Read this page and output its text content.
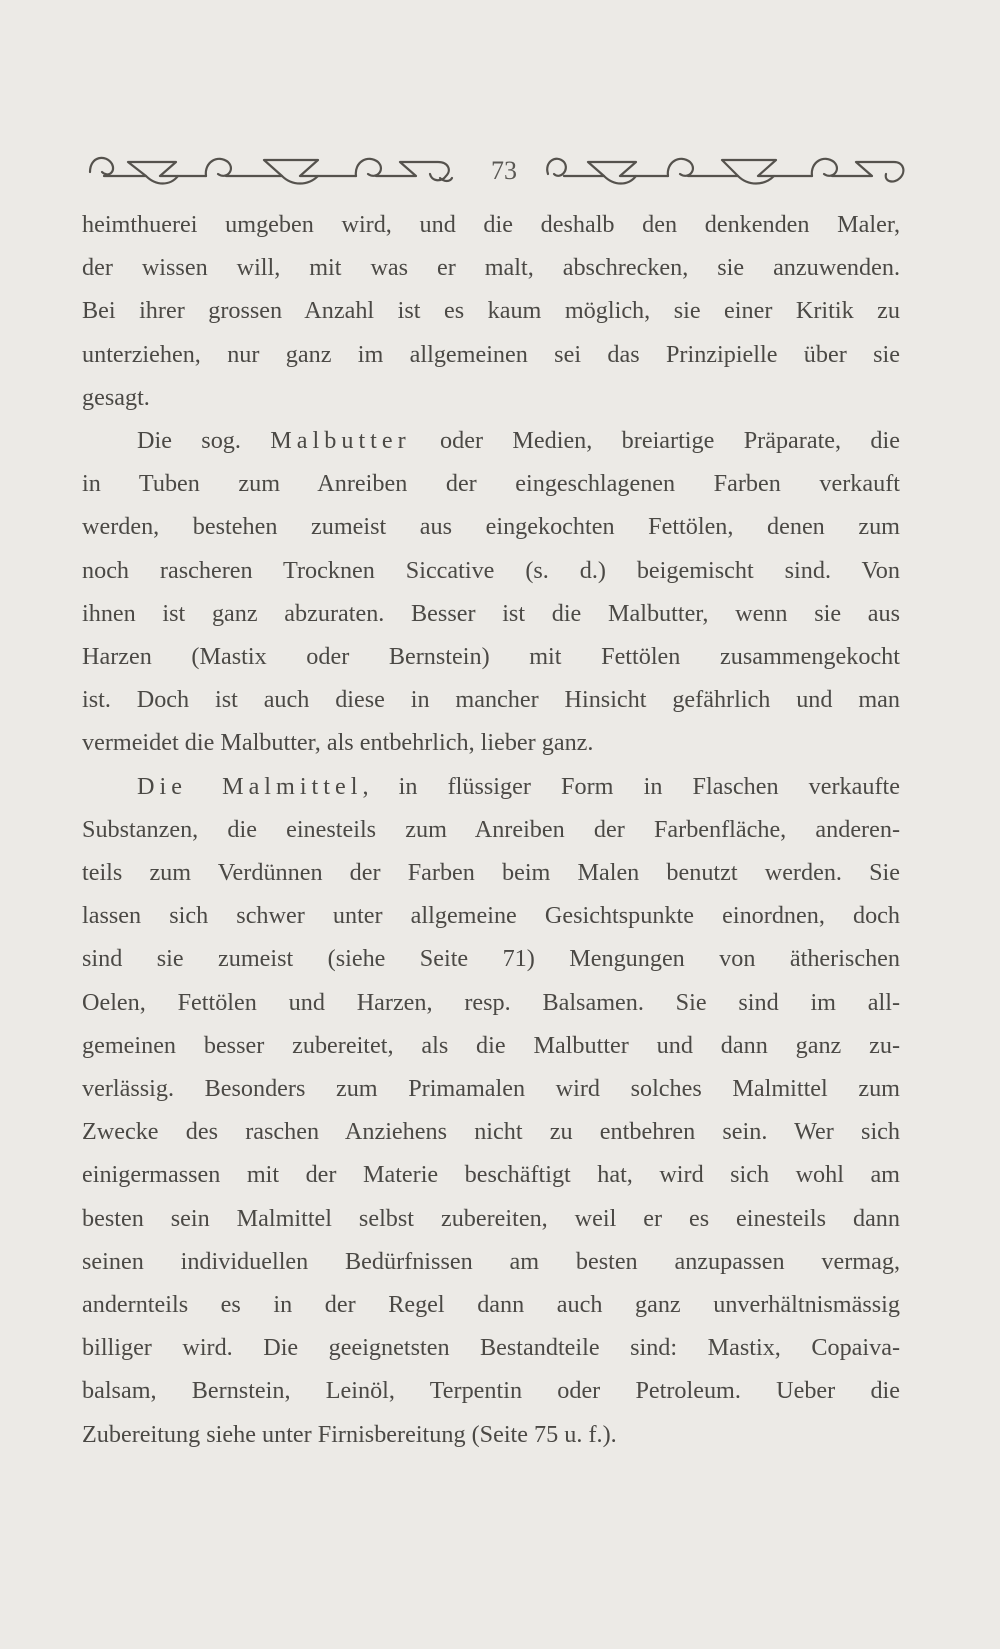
73

heimthuerei umgeben wird, und die deshalb den denkenden Maler,
der wissen will, mit was er malt, abschrecken, sie anzuwenden.
Bei ihrer grossen Anzahl ist es kaum möglich, sie einer Kritik zu
unterziehen, nur ganz im allgemeinen sei das Prinzipielle über sie
gesagt.

Die sog. Malbutter oder Medien, breiartige Präparate, die
in Tuben zum Anreiben der eingeschlagenen Farben verkauft
werden, bestehen zumeist aus eingekochten Fettölen, denen zum
noch rascheren Trocknen Siccative (s. d.) beigemischt sind. Von
ihnen ist ganz abzuraten. Besser ist die Malbutter, wenn sie aus
Harzen (Mastix oder Bernstein) mit Fettölen zusammengekocht
ist. Doch ist auch diese in mancher Hinsicht gefährlich und man
vermeidet die Malbutter, als entbehrlich, lieber ganz.

Die Malmittel, in flüssiger Form in Flaschen verkaufte
Substanzen, die einesteils zum Anreiben der Farbenfläche, anderen-
teils zum Verdünnen der Farben beim Malen benutzt werden. Sie
lassen sich schwer unter allgemeine Gesichtspunkte einordnen, doch
sind sie zumeist (siehe Seite 71) Mengungen von ätherischen
Oelen, Fettölen und Harzen, resp. Balsamen. Sie sind im all-
gemeinen besser zubereitet, als die Malbutter und dann ganz zu-
verlässig. Besonders zum Primamalen wird solches Malmittel zum
Zwecke des raschen Anziehens nicht zu entbehren sein. Wer sich
einigermassen mit der Materie beschäftigt hat, wird sich wohl am
besten sein Malmittel selbst zubereiten, weil er es einesteils dann
seinen individuellen Bedürfnissen am besten anzupassen vermag,
andernteils es in der Regel dann auch ganz unverhältnismässig
billiger wird. Die geeignetsten Bestandteile sind: Mastix, Copaiva-
balsam, Bernstein, Leinöl, Terpentin oder Petroleum. Ueber die
Zubereitung siehe unter Firnisbereitung (Seite 75 u. f.).
